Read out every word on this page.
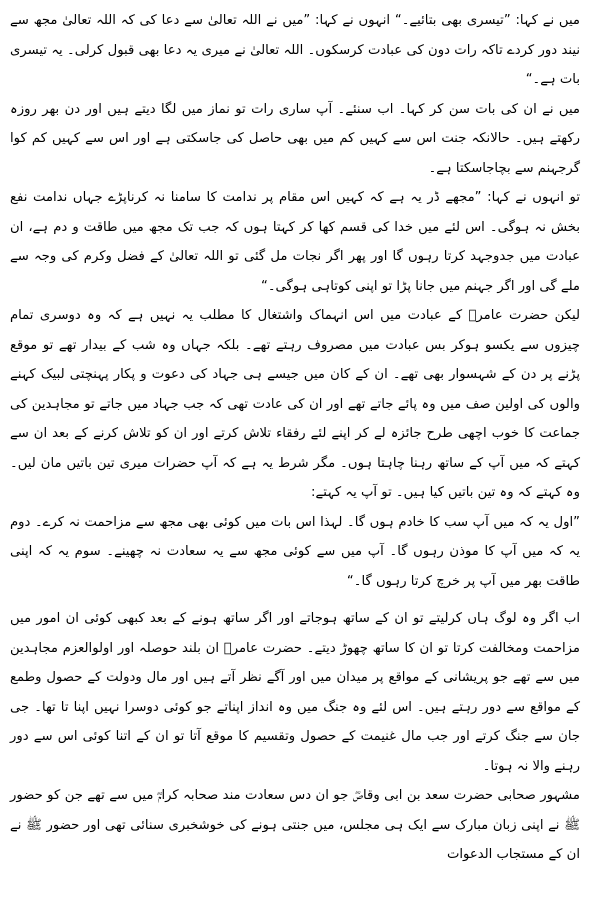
میں نے کہا: ”تیسری بھی بتائیے۔“ انہوں نے کہا: ”میں نے اللہ تعالیٰ سے دعا کی کہ اللہ تعالیٰ مجھ سے نیند دور کردے تاکہ رات دون کی عبادت کرسکوں۔ اللہ تعالیٰ نے میری یہ دعا بھی قبول کرلی۔ یہ تیسری بات ہے۔“

میں نے ان کی بات سن کر کہا۔ اب سنئے۔ آپ ساری رات تو نماز میں لگا دیتے ہیں اور دن بھر روزہ رکھتے ہیں۔ حالانکہ جنت اس سے کہیں کم میں بھی حاصل کی جاسکتی ہے اور اس سے کہیں کم کوا گرجہنم سے بچاجاسکتا ہے۔

تو انہوں نے کہا: ”مجھے ڈر یہ ہے کہ کہیں اس مقام پر ندامت کا سامنا نہ کرناپڑے جہاں ندامت نفع بخش نہ ہوگی۔ اس لئے میں خدا کی قسم کھا کر کہتا ہوں کہ جب تک مجھ میں طاقت و دم ہے، ان عبادت میں جدوجہد کرتا رہوں گا اور پھر اگر نجات مل گئی تو اللہ تعالیٰ کے فضل وکرم کی وجہ سے ملے گی اور اگر جہنم میں جانا پڑا تو اپنی کوتاہی ہوگی۔“

لیکن حضرت عامرؒ کے عبادت میں اس انہماک واشتغال کا مطلب یہ نہیں ہے کہ وہ دوسری تمام چیزوں سے یکسو ہوکر بس عبادت میں مصروف رہتے تھے۔ بلکہ جہاں وہ شب کے بیدار تھے تو موقع پڑنے پر دن کے شہسوار بھی تھے۔ ان کے کان میں جیسے ہی جہاد کی دعوت و پکار پہنچتی لبیک کہنے والوں کی اولین صف میں وہ پائے جاتے تھے اور ان کی عادت تھی کہ جب جہاد میں جاتے تو مجاہدین کی جماعت کا خوب اچھی طرح جائزہ لے کر اپنے لئے رفقاء تلاش کرتے اور ان کو تلاش کرنے کے بعد ان سے کہتے کہ میں آپ کے ساتھ رہنا چاہتا ہوں۔ مگر شرط یہ ہے کہ آپ حضرات میری تین باتیں مان لیں۔ وہ کہتے کہ وہ تین باتیں کیا ہیں۔ تو آپ یہ کہتے:

”اول یہ کہ میں آپ سب کا خادم ہوں گا۔ لہذا اس بات میں کوئی بھی مجھ سے مزاحمت نہ کرے۔ دوم یہ کہ میں آپ کا موذن رہوں گا۔ آپ میں سے کوئی مجھ سے یہ سعادت نہ چھینے۔ سوم یہ کہ اپنی طاقت بھر میں آپ پر خرچ کرتا رہوں گا۔“

اب اگر وہ لوگ ہاں کرلیتے تو ان کے ساتھ ہوجاتے اور اگر ساتھ ہونے کے بعد کبھی کوئی ان امور میں مزاحمت ومخالفت کرتا تو ان کا ساتھ چھوڑ دیتے۔ حضرت عامرؒ ان بلند حوصلہ اور اولوالعزم مجاہدین میں سے تھے جو پریشانی کے مواقع پر میدان میں اور آگے نظر آتے ہیں اور مال ودولت کے حصول وطمع کے مواقع سے دور رہتے ہیں۔ اس لئے وہ جنگ میں وہ انداز اپناتے جو کوئی دوسرا نہیں اپنا تا تھا۔ جی جان سے جنگ کرتے اور جب مال غنیمت کے حصول وتقسیم کا موقع آتا تو ان کے اتنا کوئی اس سے دور رہنے والا نہ ہوتا۔

مشہور صحابی حضرت سعد بن ابی وقاصؓ جو ان دس سعادت مند صحابہ کرامؓ میں سے تھے جن کو حضور ﷺ نے اپنی زبان مبارک سے ایک ہی مجلس، میں جنتی ہونے کی خوشخبری سنائی تھی اور حضور ﷺ نے ان کے مستجاب الدعوات
